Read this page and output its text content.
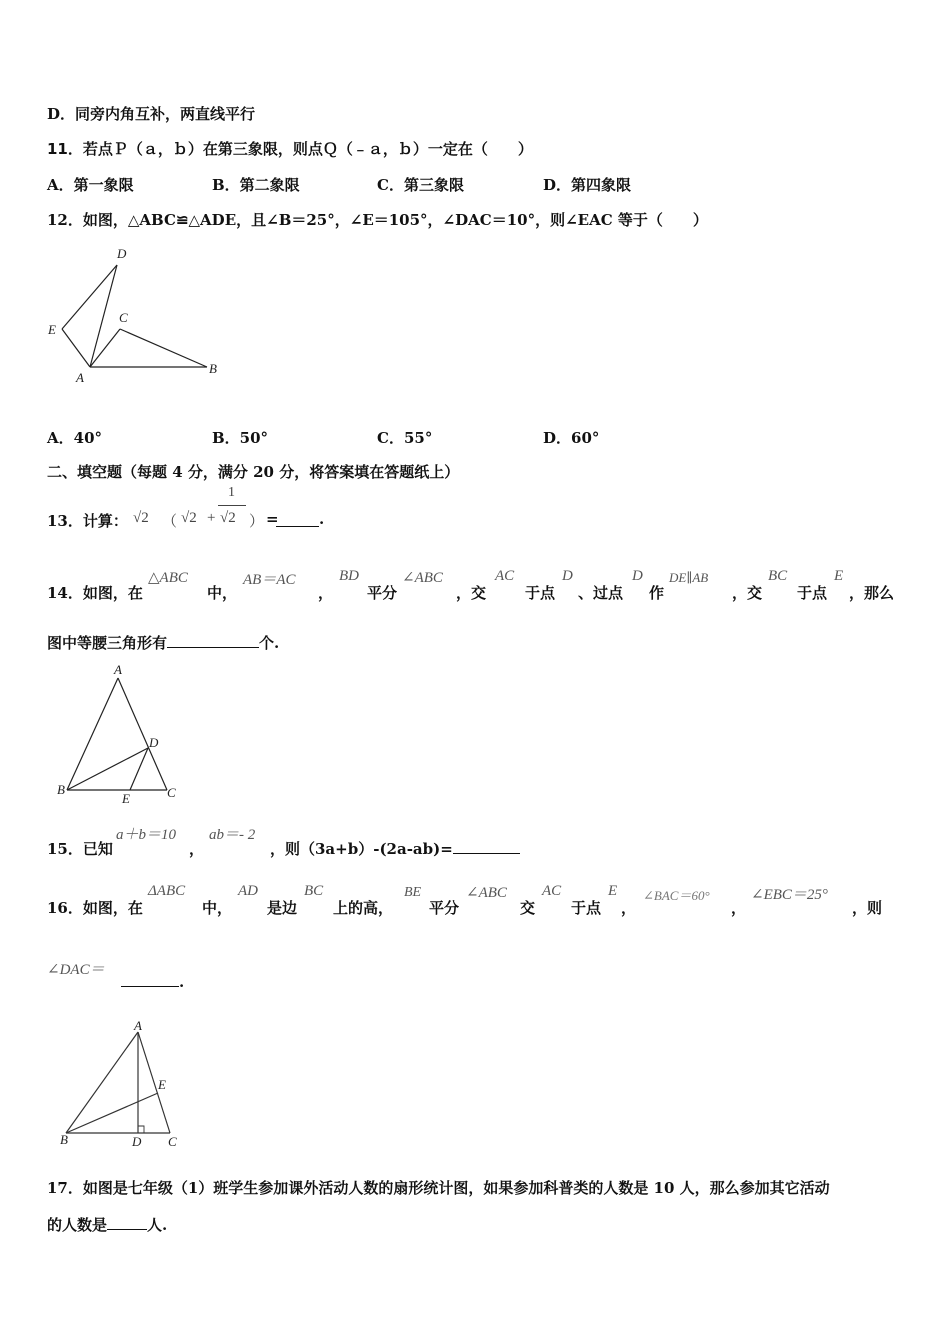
D．同旁内角互补，两直线平行
11．若点Ｐ（ａ，ｂ）在第三象限，则点Ｑ（﹣ａ，ｂ）一定在（　　）
A．第一象限	B．第二象限	C．第三象限	D．第四象限
12．如图，△ABC≌△ADE，且∠B＝25°，∠E＝105°，∠DAC＝10°，则∠EAC 等于（　　）
D
E
C
A
B
A．40°	B．50°	C．55°	D．60°
二、填空题（每题 4 分，满分 20 分，将答案填在答题纸上）
13．计算： √2 （ √2 +
1
√2 ） =	.
14．如图，在
△ABC
中，
AB＝AC
，
BD
平分
∠ABC
，交
AC
于点
D
、过点
D
作
DE∥AB
，交
BC
于点
E
，那么
图中等腰三角形有	个.
A
D
B
E	C
15．已知
a＋b＝10
，
ab＝- 2
，则（3a+b）-(2a-ab)=
16．如图，在
ΔABC
中，
AD
是边
BC
上的高，
BE
平分
∠ABC
交
AC
于点
E
，
∠BAC＝60°
，
∠EBC＝25°
，则
∠DAC＝
.
A
E
B	D C
17．如图是七年级（1）班学生参加课外活动人数的扇形统计图，如果参加科普类的人数是 10 人，那么参加其它活动
的人数是	人.
